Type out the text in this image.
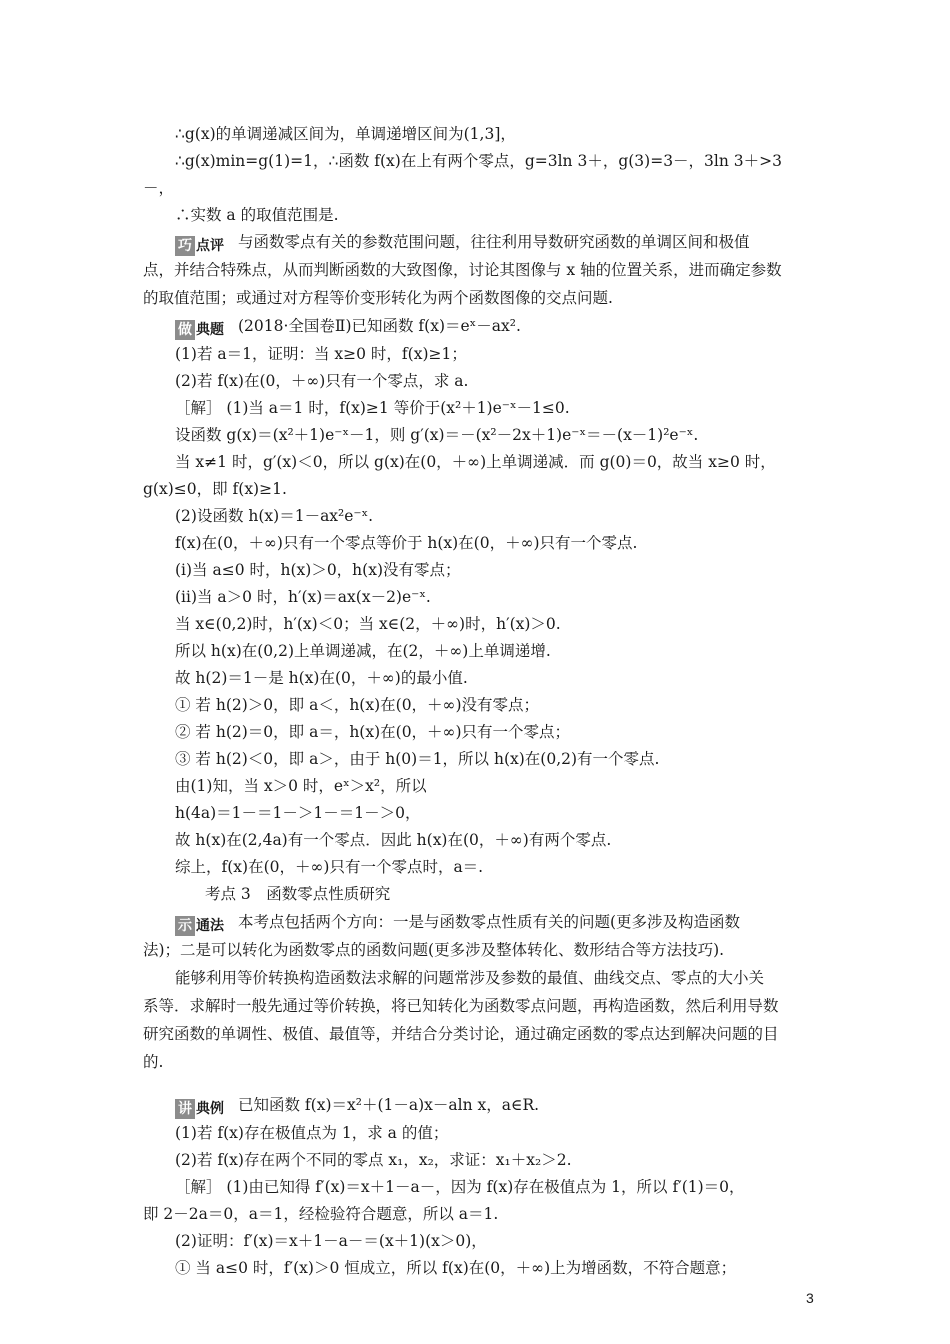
∴g(x)的单调递减区间为，单调递增区间为(1,3]，
∴g(x)min=g(1)=1，∴函数 f(x)在上有两个零点，g=3ln 3＋，g(3)=3－，3ln 3＋>3
－，
∴实数 a 的取值范围是.
巧 点评 与函数零点有关的参数范围问题，往往利用导数研究函数的单调区间和极值
点，并结合特殊点，从而判断函数的大致图像，讨论其图像与 x 轴的位置关系，进而确定参数
的取值范围；或通过对方程等价变形转化为两个函数图像的交点问题.
做 典题 (2018·全国卷Ⅱ)已知函数 f(x)＝eˣ－ax².
(1)若 a＝1，证明：当 x≥0 时，f(x)≥1；
(2)若 f(x)在(0，＋∞)只有一个零点，求 a.
［解］ (1)当 a＝1 时，f(x)≥1 等价于(x²＋1)e⁻ˣ－1≤0.
设函数 g(x)＝(x²＋1)e⁻ˣ－1，则 g′(x)＝－(x²－2x＋1)e⁻ˣ＝－(x－1)²e⁻ˣ.
当 x≠1 时，g′(x)＜0，所以 g(x)在(0，＋∞)上单调递减．而 g(0)＝0，故当 x≥0 时，
g(x)≤0，即 f(x)≥1.
(2)设函数 h(x)＝1－ax²e⁻ˣ.
f(x)在(0，＋∞)只有一个零点等价于 h(x)在(0，＋∞)只有一个零点.
(ⅰ)当 a≤0 时，h(x)＞0，h(x)没有零点；
(ⅱ)当 a＞0 时，h′(x)＝ax(x－2)e⁻ˣ.
当 x∈(0,2)时，h′(x)＜0；当 x∈(2，＋∞)时，h′(x)＞0.
所以 h(x)在(0,2)上单调递减，在(2，＋∞)上单调递增.
故 h(2)＝1－是 h(x)在(0，＋∞)的最小值.
① 若 h(2)＞0，即 a＜，h(x)在(0，＋∞)没有零点；
② 若 h(2)＝0，即 a＝，h(x)在(0，＋∞)只有一个零点；
③ 若 h(2)＜0，即 a＞，由于 h(0)＝1，所以 h(x)在(0,2)有一个零点.
由(1)知，当 x＞0 时，eˣ＞x²，所以
h(4a)＝1－＝1－＞1－＝1－＞0，
故 h(x)在(2,4a)有一个零点．因此 h(x)在(0，＋∞)有两个零点.
综上，f(x)在(0，＋∞)只有一个零点时，a＝.
考点 3　函数零点性质研究
示 通法 本考点包括两个方向：一是与函数零点性质有关的问题(更多涉及构造函数
法)；二是可以转化为函数零点的函数问题(更多涉及整体转化、数形结合等方法技巧).
能够利用等价转换构造函数法求解的问题常涉及参数的最值、曲线交点、零点的大小关
系等．求解时一般先通过等价转换，将已知转化为函数零点问题，再构造函数，然后利用导数
研究函数的单调性、极值、最值等，并结合分类讨论，通过确定函数的零点达到解决问题的目
的.
讲 典例 已知函数 f(x)＝x²＋(1－a)x－aln x，a∈R.
(1)若 f(x)存在极值点为 1，求 a 的值；
(2)若 f(x)存在两个不同的零点 x₁，x₂，求证：x₁＋x₂＞2.
［解］ (1)由已知得 f′(x)＝x＋1－a－，因为 f(x)存在极值点为 1，所以 f′(1)＝0，
即 2－2a＝0，a＝1，经检验符合题意，所以 a＝1.
(2)证明：f′(x)＝x＋1－a－＝(x＋1)(x＞0)，
① 当 a≤0 时，f′(x)＞0 恒成立，所以 f(x)在(0，＋∞)上为增函数，不符合题意；
3
